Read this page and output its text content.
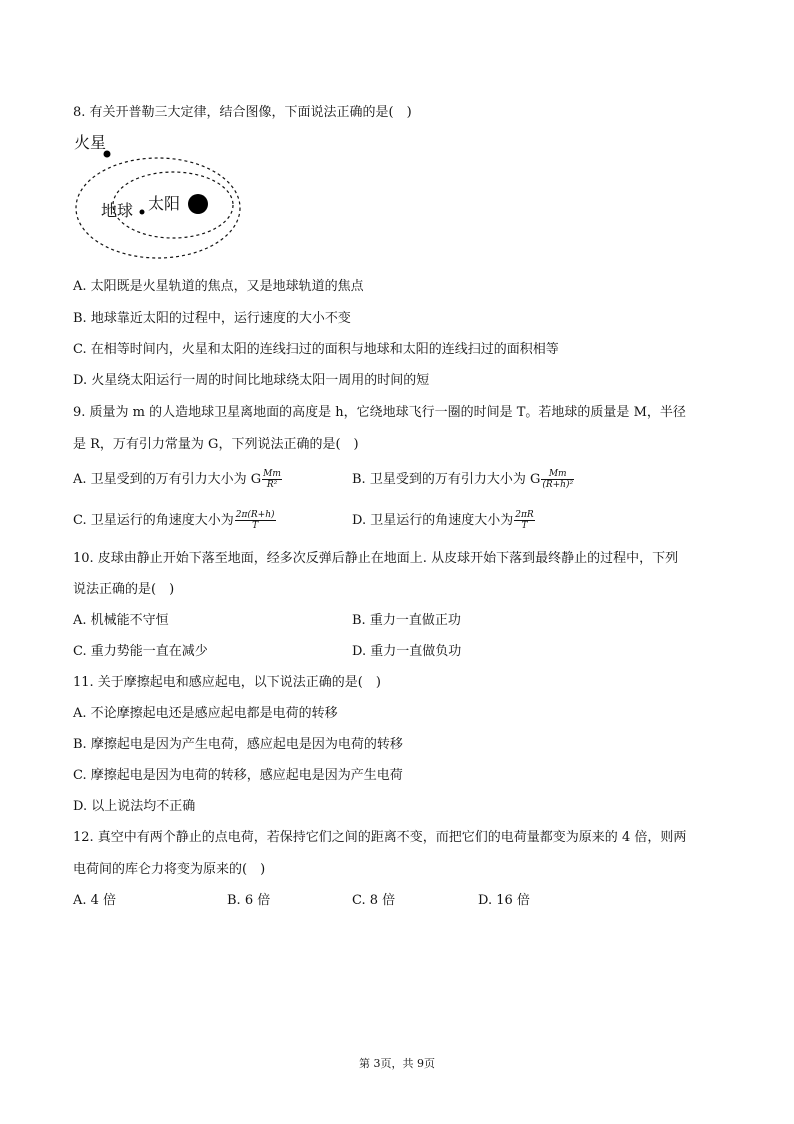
8. 有关开普勒三大定律，结合图像，下面说法正确的是(　)
火星
地球 太阳
A. 太阳既是火星轨道的焦点，又是地球轨道的焦点
B. 地球靠近太阳的过程中，运行速度的大小不变
C. 在相等时间内，火星和太阳的连线扫过的面积与地球和太阳的连线扫过的面积相等
D. 火星绕太阳运行一周的时间比地球绕太阳一周用的时间的短
9. 质量为 m 的人造地球卫星离地面的高度是 h，它绕地球飞行一圈的时间是 T。若地球的质量是 M，半径
是 R，万有引力常量为 G，下列说法正确的是(　)
A. 卫星受到的万有引力大小为 G $\frac{Mm}{\text{R²}}$	B. 卫星受到的万有引力大小为 G $\frac{Mm}{\text{(R+h)²}}$
C. 卫星运行的角速度大小为 $\frac{2\pi(R+h)}{T}$	D. 卫星运行的角速度大小为 $\frac{2\pi R}{T}$
10. 皮球由静止开始下落至地面，经多次反弹后静止在地面上. 从皮球开始下落到最终静止的过程中，下列
说法正确的是(　)
A. 机械能不守恒	B. 重力一直做正功
C. 重力势能一直在减少	D. 重力一直做负功
11. 关于摩擦起电和感应起电，以下说法正确的是(　)
A. 不论摩擦起电还是感应起电都是电荷的转移
B. 摩擦起电是因为产生电荷，感应起电是因为电荷的转移
C. 摩擦起电是因为电荷的转移，感应起电是因为产生电荷
D. 以上说法均不正确
12. 真空中有两个静止的点电荷，若保持它们之间的距离不变，而把它们的电荷量都变为原来的 4 倍，则两
电荷间的库仑力将变为原来的(　)
A. 4 倍	B. 6 倍	C. 8 倍	D. 16 倍
第 3页，共 9页
